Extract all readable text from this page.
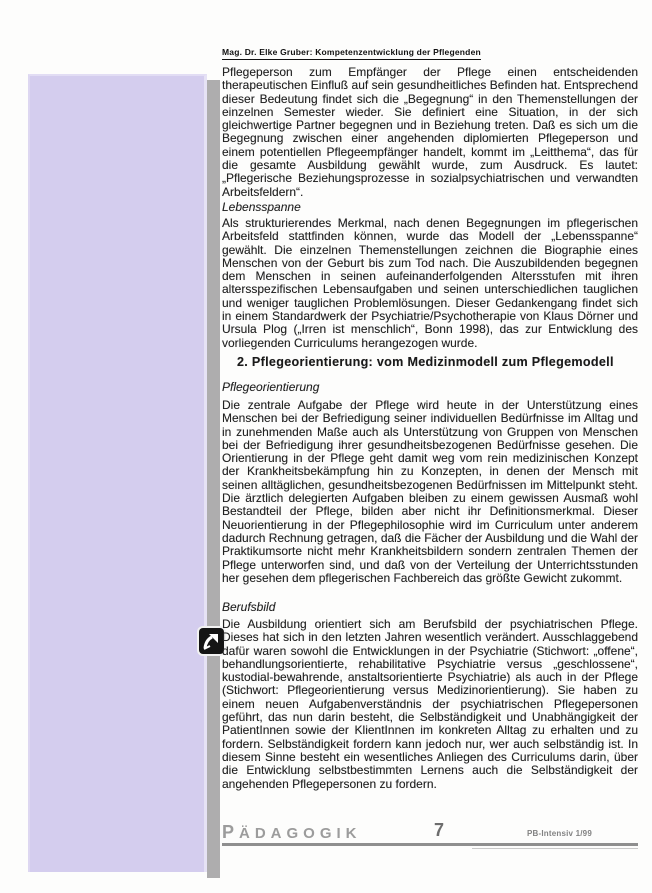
Mag. Dr. Elke Gruber: Kompetenzentwicklung der Pflegenden

Pflegeperson zum Empfänger der Pflege einen entscheidenden therapeutischen Einfluß auf sein gesundheitliches Befinden hat. Entsprechend dieser Bedeutung findet sich die „Begegnung“ in den Themenstellungen der einzelnen Semester wieder. Sie definiert eine Situation, in der sich gleichwertige Partner begegnen und in Beziehung treten. Daß es sich um die Begegnung zwischen einer angehenden diplomierten Pflegeperson und einem potentiellen Pflegeempfänger handelt, kommt im „Leitthema“, das für die gesamte Ausbildung gewählt wurde, zum Ausdruck. Es lautet: „Pflegerische Beziehungsprozesse in sozialpsychiatrischen und verwandten Arbeitsfeldern“.

Lebensspanne

Als strukturierendes Merkmal, nach denen Begegnungen im pflegerischen Arbeitsfeld stattfinden können, wurde das Modell der „Lebensspanne“ gewählt. Die einzelnen Themenstellungen zeichnen die Biographie eines Menschen von der Geburt bis zum Tod nach. Die Auszubildenden begegnen dem Menschen in seinen aufeinanderfolgenden Altersstufen mit ihren altersspezifischen Lebensaufgaben und seinen unterschiedlichen tauglichen und weniger tauglichen Problemlösungen. Dieser Gedankengang findet sich in einem Standardwerk der Psychiatrie/Psychotherapie von Klaus Dörner und Ursula Plog („Irren ist menschlich“, Bonn 1998), das zur Entwicklung des vorliegenden Curriculums herangezogen wurde.

2. Pflegeorientierung: vom Medizinmodell zum Pflegemodell
Pflegeorientierung

Die zentrale Aufgabe der Pflege wird heute in der Unterstützung eines Menschen bei der Befriedigung seiner individuellen Bedürfnisse im Alltag und in zunehmenden Maße auch als Unterstützung von Gruppen von Menschen bei der Befriedigung ihrer gesundheitsbezogenen Bedürfnisse gesehen. Die Orientierung in der Pflege geht damit weg vom rein medizinischen Konzept der Krankheitsbekämpfung hin zu Konzepten, in denen der Mensch mit seinen alltäglichen, gesundheitsbezogenen Bedürfnissen im Mittelpunkt steht. Die ärztlich delegierten Aufgaben bleiben zu einem gewissen Ausmaß wohl Bestandteil der Pflege, bilden aber nicht ihr Definitionsmerkmal. Dieser Neuorientierung in der Pflegephilosophie wird im Curriculum unter anderem dadurch Rechnung getragen, daß die Fächer der Ausbildung und die Wahl der Praktikumsorte nicht mehr Krankheitsbildern sondern zentralen Themen der Pflege unterworfen sind, und daß von der Verteilung der Unterrichtsstunden her gesehen dem pflegerischen Fachbereich das größte Gewicht zukommt.

Berufsbild

Die Ausbildung orientiert sich am Berufsbild der psychiatrischen Pflege. Dieses hat sich in den letzten Jahren wesentlich verändert. Ausschlaggebend dafür waren sowohl die Entwicklungen in der Psychiatrie (Stichwort: „offene“, behandlungsorientierte, rehabilitative Psychiatrie versus „geschlossene“, kustodial-bewahrende, anstaltsorientierte Psychiatrie) als auch in der Pflege (Stichwort: Pflegeorientierung versus Medizinorientierung). Sie haben zu einem neuen Aufgabenverständnis der psychiatrischen Pflegepersonen geführt, das nun darin besteht, die Selbständigkeit und Unabhängigkeit der PatientInnen sowie der KlientInnen im konkreten Alltag zu erhalten und zu fordern. Selbständigkeit fordern kann jedoch nur, wer auch selbständig ist. In diesem Sinne besteht ein wesentliches Anliegen des Curriculums darin, über die Entwicklung selbstbestimmten Lernens auch die Selbständigkeit der angehenden Pflegepersonen zu fordern.

PÄDAGOGIK	7	PB-Intensiv 1/99
